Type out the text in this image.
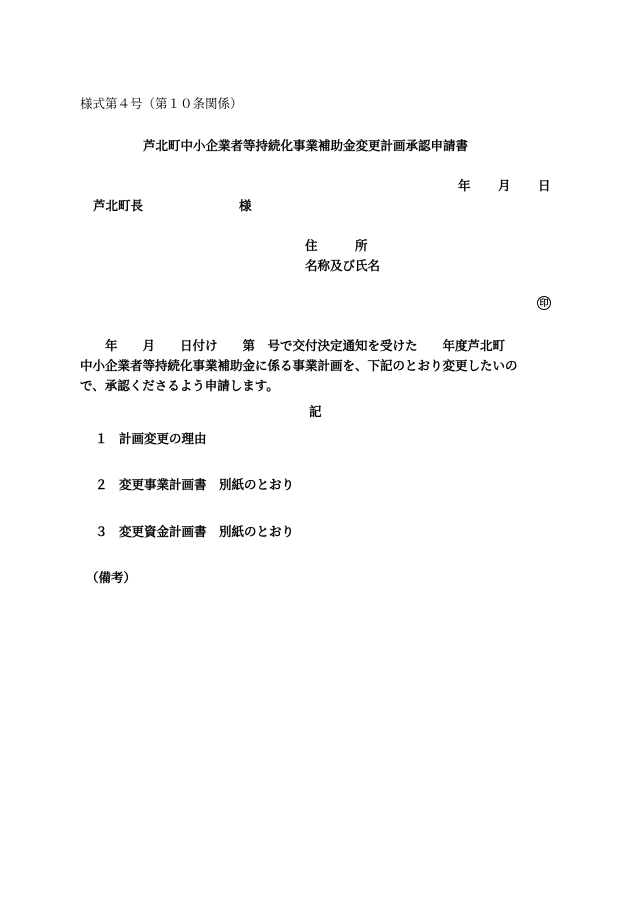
様式第４号（第１０条関係）
芦北町中小企業者等持続化事業補助金変更計画承認申請書
年 月 日
芦北町長	様
住　　　所
名称及び氏名
印
　　年　　月　　日付け　　第　号で交付決定通知を受けた　　年度芦北町
中小企業者等持続化事業補助金に係る事業計画を、下記のとおり変更したいの
で、承認くださるよう申請します。
記
１ 計画変更の理由
２ 変更事業計画書　別紙のとおり
３ 変更資金計画書　別紙のとおり
（備考）
